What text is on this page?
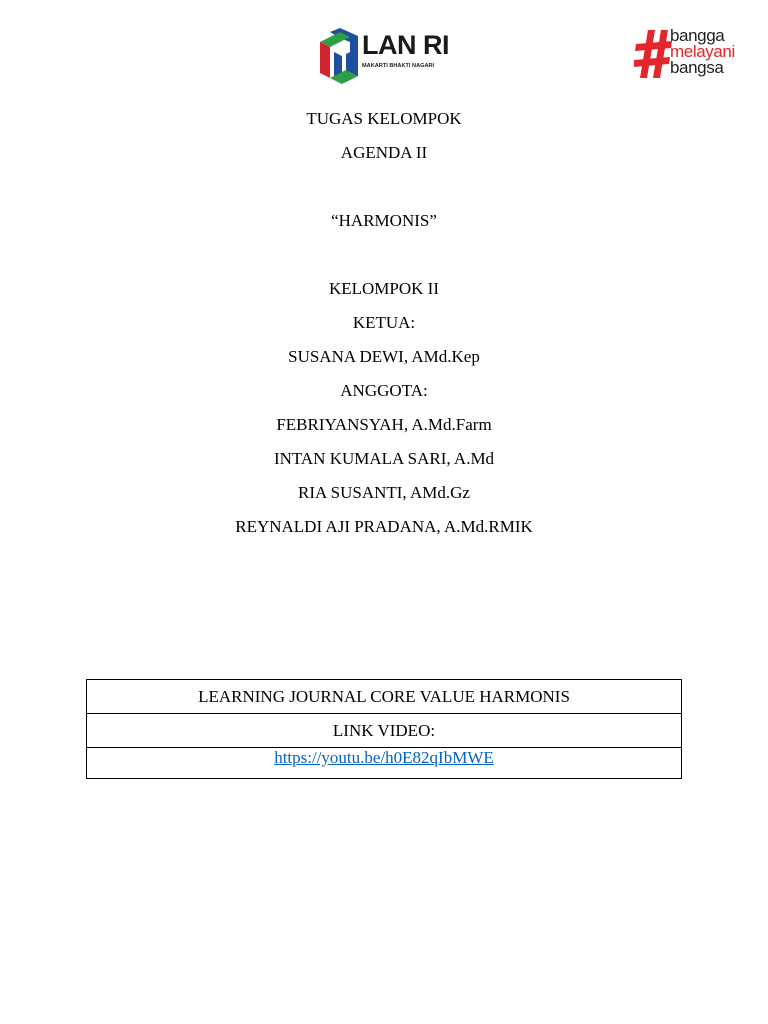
LAN RI
MAKARTI BHAKTI NAGARI
bangga
melayani
bangsa
TUGAS KELOMPOK
AGENDA II
“HARMONIS”
KELOMPOK II
KETUA:
SUSANA DEWI, AMd.Kep
ANGGOTA:
FEBRIYANSYAH, A.Md.Farm
INTAN KUMALA SARI, A.Md
RIA SUSANTI, AMd.Gz
REYNALDI AJI PRADANA, A.Md.RMIK
LEARNING JOURNAL CORE VALUE HARMONIS
LINK VIDEO:
https://youtu.be/h0E82qIbMWE
